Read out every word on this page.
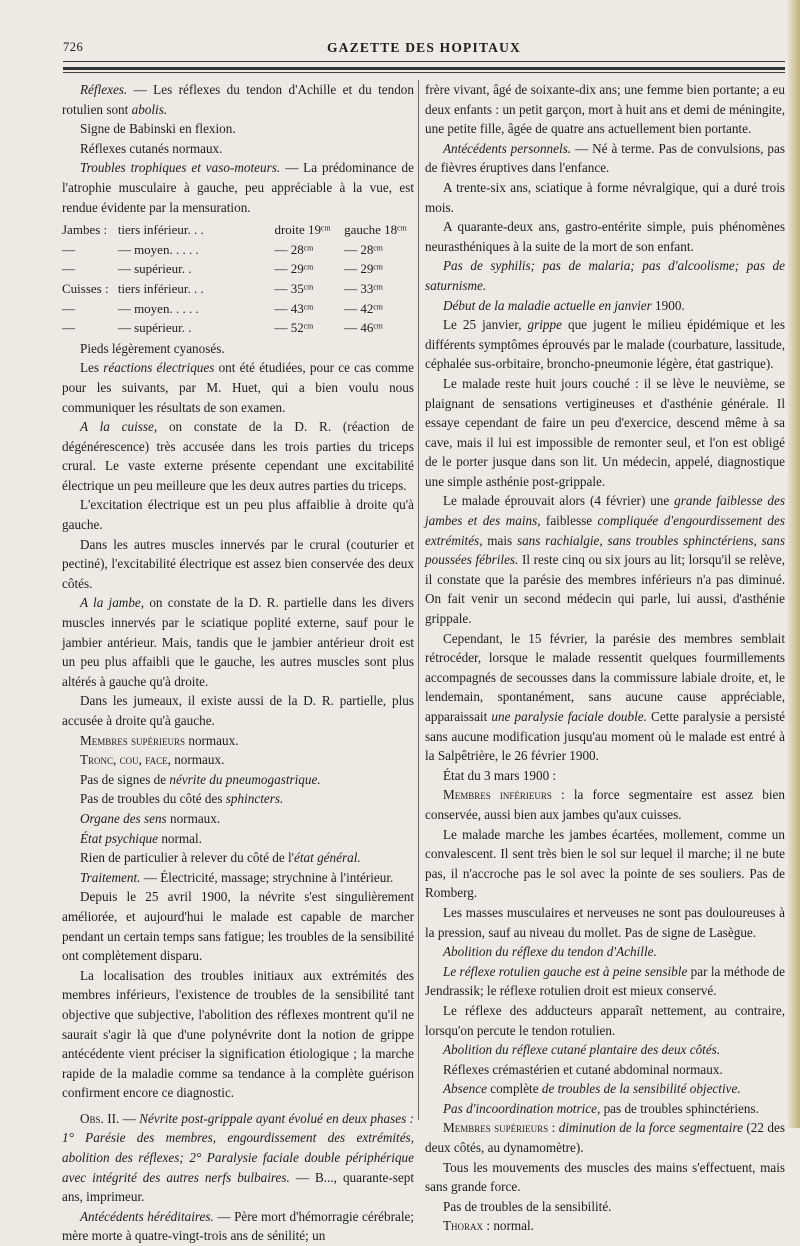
726	GAZETTE DES HOPITAUX

Réflexes. — Les réflexes du tendon d'Achille et du tendon rotulien sont abolis.

Signe de Babinski en flexion.

Réflexes cutanés normaux.

Troubles trophiques et vaso-moteurs. — La prédominance de l'atrophie musculaire à gauche, peu appréciable à la vue, est rendue évidente par la mensuration.

Jambes :	tiers inférieur. . .	droite 19ᶜᵐ	gauche 18ᶜᵐ
—	— moyen. . . . .	— 28ᶜᵐ	— 28ᶜᵐ
—	— supérieur. .	— 29ᶜᵐ	— 29ᶜᵐ
Cuisses :	tiers inférieur. . .	— 35ᶜᵐ	— 33ᶜᵐ
—	— moyen. . . . .	— 43ᶜᵐ	— 42ᶜᵐ
—	— supérieur. .	— 52ᶜᵐ	— 46ᶜᵐ

Pieds légèrement cyanosés.

Les réactions électriques ont été étudiées, pour ce cas comme pour les suivants, par M. Huet, qui a bien voulu nous communiquer les résultats de son examen.

A la cuisse, on constate de la D. R. (réaction de dégénérescence) très accusée dans les trois parties du triceps crural. Le vaste externe présente cependant une excitabilité électrique un peu meilleure que les deux autres parties du triceps.

L'excitation électrique est un peu plus affaiblie à droite qu'à gauche.

Dans les autres muscles innervés par le crural (couturier et pectiné), l'excitabilité électrique est assez bien conservée des deux côtés.

A la jambe, on constate de la D. R. partielle dans les divers muscles innervés par le sciatique poplité externe, sauf pour le jambier antérieur. Mais, tandis que le jambier antérieur droit est un peu plus affaibli que le gauche, les autres muscles sont plus altérés à gauche qu'à droite.

Dans les jumeaux, il existe aussi de la D. R. partielle, plus accusée à droite qu'à gauche.

Membres supérieurs normaux.

Tronc, cou, face, normaux.

Pas de signes de névrite du pneumogastrique.

Pas de troubles du côté des sphincters.

Organe des sens normaux.

État psychique normal.

Rien de particulier à relever du côté de l'état général.

Traitement. — Électricité, massage; strychnine à l'intérieur.

Depuis le 25 avril 1900, la névrite s'est singulièrement améliorée, et aujourd'hui le malade est capable de marcher pendant un certain temps sans fatigue; les troubles de la sensibilité ont complètement disparu.

La localisation des troubles initiaux aux extrémités des membres inférieurs, l'existence de troubles de la sensibilité tant objective que subjective, l'abolition des réflexes montrent qu'il ne saurait s'agir là que d'une polynévrite dont la notion de grippe antécédente vient préciser la signification étiologique ; la marche rapide de la maladie comme sa tendance à la complète guérison confirment encore ce diagnostic.

Obs. II. — Névrite post-grippale ayant évolué en deux phases : 1° Parésie des membres, engourdissement des extrémités, abolition des réflexes; 2° Paralysie faciale double périphérique avec intégrité des autres nerfs bulbaires. — B..., quarante-sept ans, imprimeur.

Antécédents héréditaires. — Père mort d'hémorragie cérébrale; mère morte à quatre-vingt-trois ans de sénilité; un

frère vivant, âgé de soixante-dix ans; une femme bien portante; a eu deux enfants : un petit garçon, mort à huit ans et demi de méningite, une petite fille, âgée de quatre ans actuellement bien portante.

Antécédents personnels. — Né à terme. Pas de convulsions, pas de fièvres éruptives dans l'enfance.

A trente-six ans, sciatique à forme névralgique, qui a duré trois mois.

A quarante-deux ans, gastro-entérite simple, puis phénomènes neurasthéniques à la suite de la mort de son enfant.

Pas de syphilis; pas de malaria; pas d'alcoolisme; pas de saturnisme.

Début de la maladie actuelle en janvier 1900.

Le 25 janvier, grippe que jugent le milieu épidémique et les différents symptômes éprouvés par le malade (courbature, lassitude, céphalée sus-orbitaire, broncho-pneumonie légère, état gastrique).

Le malade reste huit jours couché : il se lève le neuvième, se plaignant de sensations vertigineuses et d'asthénie générale. Il essaye cependant de faire un peu d'exercice, descend même à sa cave, mais il lui est impossible de remonter seul, et l'on est obligé de le porter jusque dans son lit. Un médecin, appelé, diagnostique une simple asthénie post-grippale.

Le malade éprouvait alors (4 février) une grande faiblesse des jambes et des mains, faiblesse compliquée d'engourdissement des extrémités, mais sans rachialgie, sans troubles sphinctériens, sans poussées fébriles. Il reste cinq ou six jours au lit; lorsqu'il se relève, il constate que la parésie des membres inférieurs n'a pas diminué. On fait venir un second médecin qui parle, lui aussi, d'asthénie grippale.

Cependant, le 15 février, la parésie des membres semblait rétrocéder, lorsque le malade ressentit quelques fourmillements accompagnés de secousses dans la commissure labiale droite, et, le lendemain, spontanément, sans aucune cause appréciable, apparaissait une paralysie faciale double. Cette paralysie a persisté sans aucune modification jusqu'au moment où le malade est entré à la Salpêtrière, le 26 février 1900.

État du 3 mars 1900 :

Membres inférieurs : la force segmentaire est assez bien conservée, aussi bien aux jambes qu'aux cuisses.

Le malade marche les jambes écartées, mollement, comme un convalescent. Il sent très bien le sol sur lequel il marche; il ne bute pas, il n'accroche pas le sol avec la pointe de ses souliers. Pas de Romberg.

Les masses musculaires et nerveuses ne sont pas douloureuses à la pression, sauf au niveau du mollet. Pas de signe de Lasègue.

Abolition du réflexe du tendon d'Achille.

Le réflexe rotulien gauche est à peine sensible par la méthode de Jendrassik; le réflexe rotulien droit est mieux conservé.

Le réflexe des adducteurs apparaît nettement, au contraire, lorsqu'on percute le tendon rotulien.

Abolition du réflexe cutané plantaire des deux côtés.

Réflexes crémastérien et cutané abdominal normaux.

Absence complète de troubles de la sensibilité objective.

Pas d'incoordination motrice, pas de troubles sphinctériens.

Membres supérieurs : diminution de la force segmentaire (22 des deux côtés, au dynamomètre).

Tous les mouvements des muscles des mains s'effectuent, mais sans grande force.

Pas de troubles de la sensibilité.

Thorax : normal.
